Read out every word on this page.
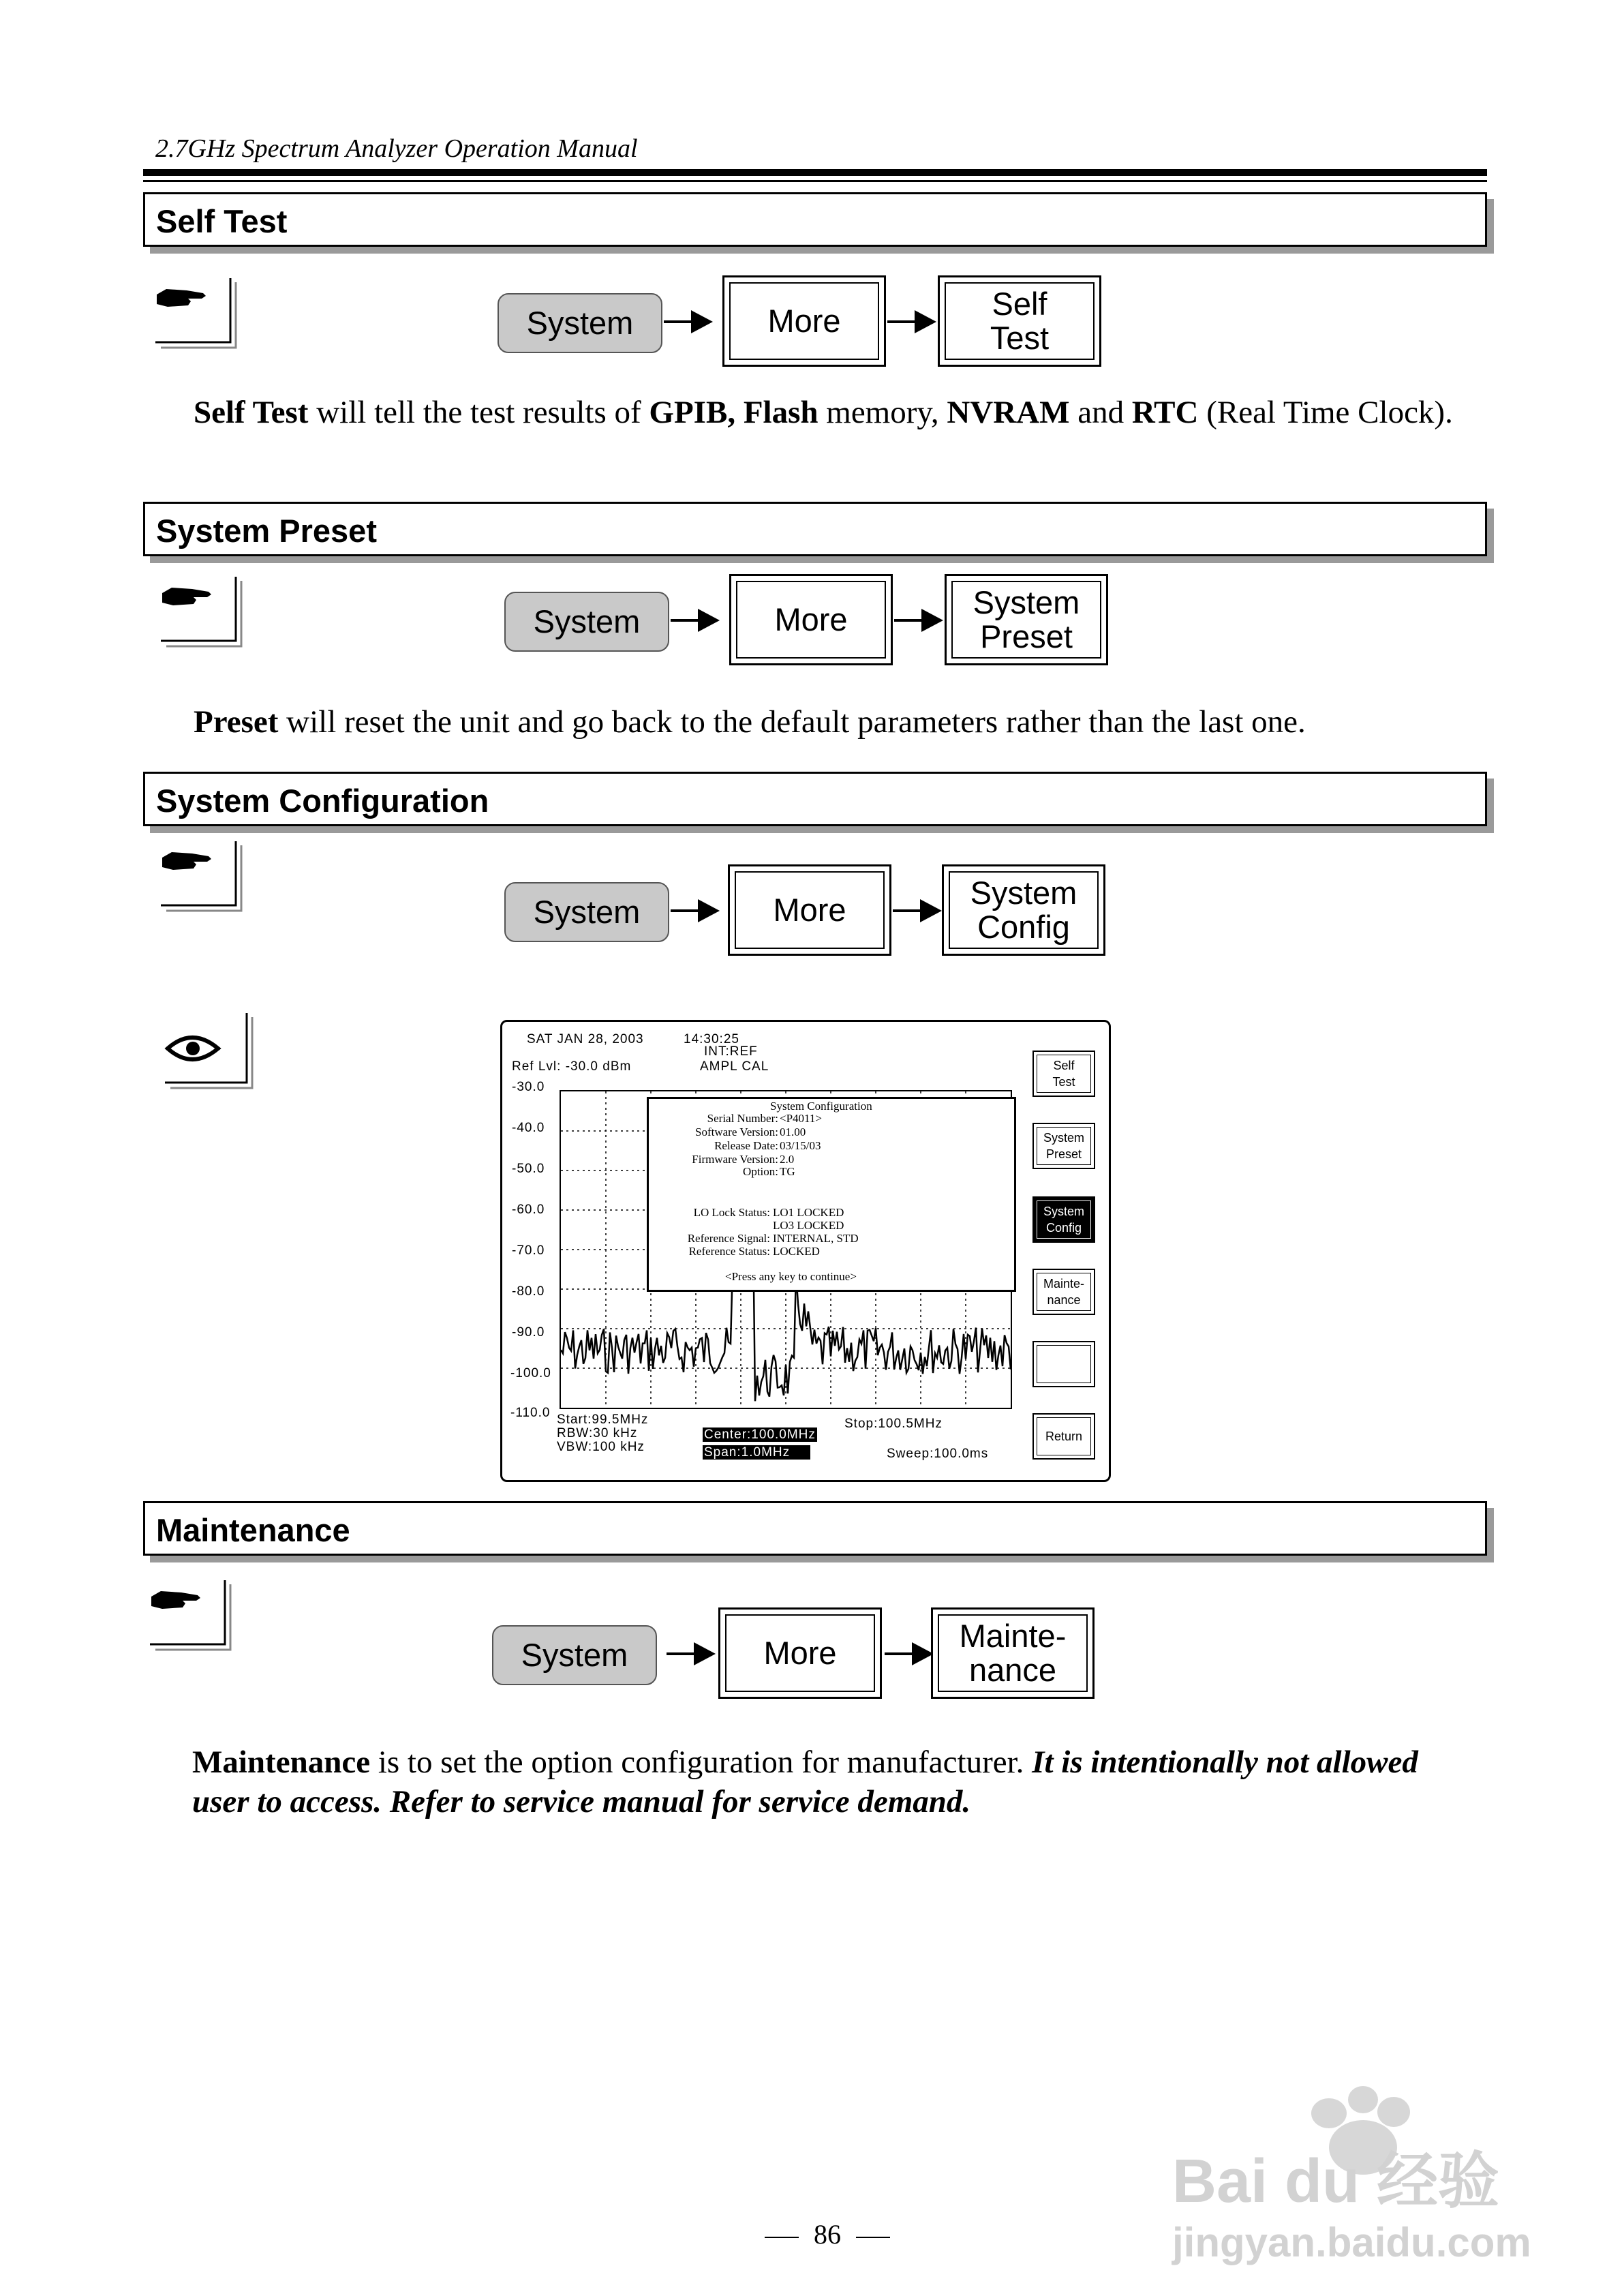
2.7GHz Spectrum Analyzer Operation Manual
Self Test
System	More	Self
Test
Self Test will tell the test results of GPIB, Flash memory, NVRAM and RTC (Real Time Clock).
System Preset
System	More	System
Preset
Preset will reset the unit and go back to the default parameters rather than the last one.
System Configuration
System	More	System
Config
SAT JAN 28, 2003	14:30:25
INT:REF
Ref Lvl: -30.0 dBm	AMPL CAL
-30.0
-40.0
-50.0
-60.0
-70.0
-80.0
-90.0
-100.0
-110.0
System Configuration
Serial Number: <P4011>
Software Version: 01.00
Release Date: 03/15/03
Firmware Version: 2.0
Option: TG
LO Lock Status: LO1 LOCKED
LO3 LOCKED
Reference Signal: INTERNAL, STD
Reference Status: LOCKED
<Press any key to continue>
Start:99.5MHz
RBW:30 kHz
VBW:100 kHz
Center:100.0MHz
Span:1.0MHz
Stop:100.5MHz
Sweep:100.0ms
Self
Test
System
Preset
System
Config
Mainte-
nance
Return
Maintenance
System	More	Mainte-
nance
Maintenance is to set the option configuration for manufacturer. It is intentionally not allowed user to access. Refer to service manual for service demand.
86
Bai du 经验
jingyan.baidu.com
